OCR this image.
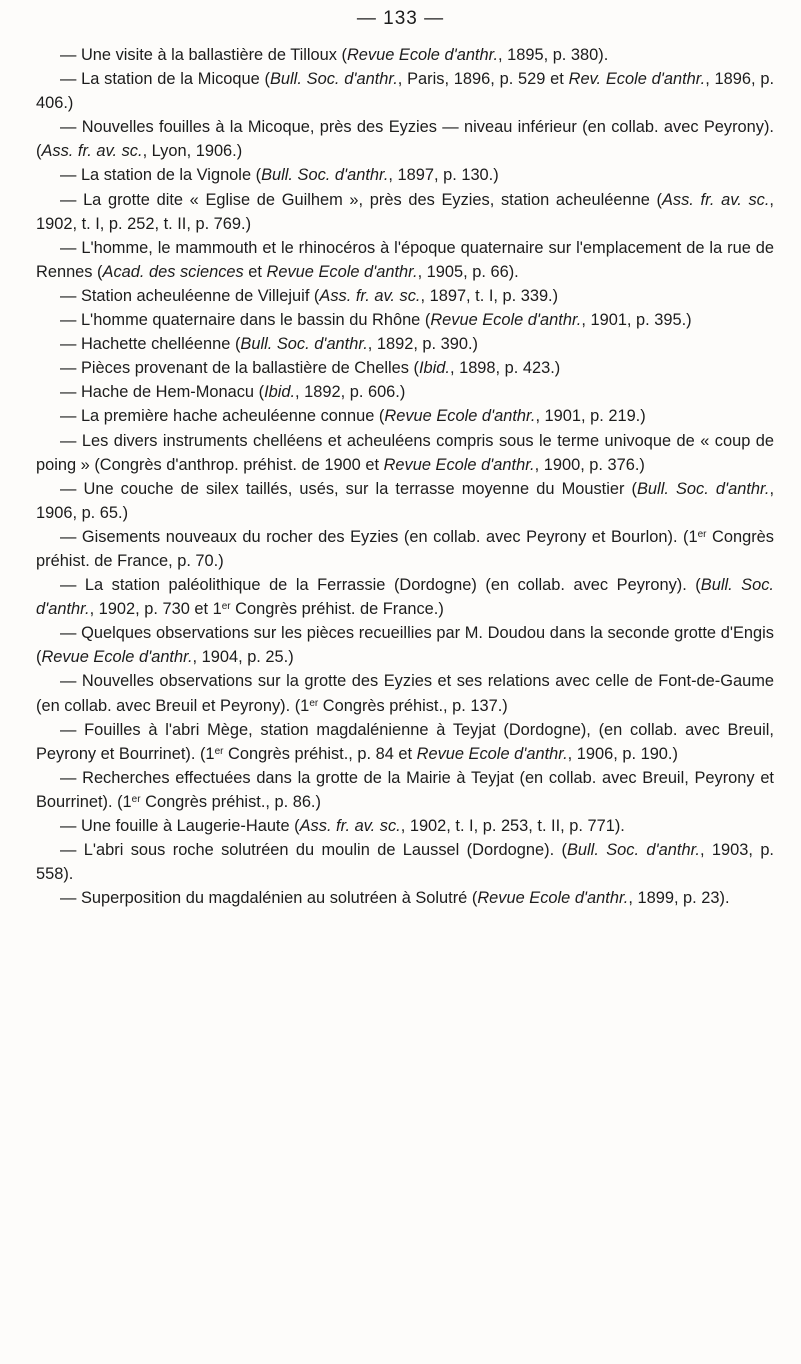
— 133 —

— Une visite à la ballastière de Tilloux (Revue Ecole d'anthr., 1895, p. 380).

— La station de la Micoque (Bull. Soc. d'anthr., Paris, 1896, p. 529 et Rev. Ecole d'anthr., 1896, p. 406.)

— Nouvelles fouilles à la Micoque, près des Eyzies — niveau inférieur (en collab. avec Peyrony). (Ass. fr. av. sc., Lyon, 1906.)

— La station de la Vignole (Bull. Soc. d'anthr., 1897, p. 130.)

— La grotte dite « Eglise de Guilhem », près des Eyzies, station acheuléenne (Ass. fr. av. sc., 1902, t. I, p. 252, t. II, p. 769.)

— L'homme, le mammouth et le rhinocéros à l'époque quaternaire sur l'emplacement de la rue de Rennes (Acad. des sciences et Revue Ecole d'anthr., 1905, p. 66).

— Station acheuléenne de Villejuif (Ass. fr. av. sc., 1897, t. I, p. 339.)

— L'homme quaternaire dans le bassin du Rhône (Revue Ecole d'anthr., 1901, p. 395.)

— Hachette chelléenne (Bull. Soc. d'anthr., 1892, p. 390.)

— Pièces provenant de la ballastière de Chelles (Ibid., 1898, p. 423.)

— Hache de Hem-Monacu (Ibid., 1892, p. 606.)

— La première hache acheuléenne connue (Revue Ecole d'anthr., 1901, p. 219.)

— Les divers instruments chelléens et acheuléens compris sous le terme univoque de « coup de poing » (Congrès d'anthrop. préhist. de 1900 et Revue Ecole d'anthr., 1900, p. 376.)

— Une couche de silex taillés, usés, sur la terrasse moyenne du Moustier (Bull. Soc. d'anthr., 1906, p. 65.)

— Gisements nouveaux du rocher des Eyzies (en collab. avec Peyrony et Bourlon). (1er Congrès préhist. de France, p. 70.)

— La station paléolithique de la Ferrassie (Dordogne) (en collab. avec Peyrony). (Bull. Soc. d'anthr., 1902, p. 730 et 1er Congrès préhist. de France.)

— Quelques observations sur les pièces recueillies par M. Doudou dans la seconde grotte d'Engis (Revue Ecole d'anthr., 1904, p. 25.)

— Nouvelles observations sur la grotte des Eyzies et ses relations avec celle de Font-de-Gaume (en collab. avec Breuil et Peyrony). (1er Congrès préhist., p. 137.)

— Fouilles à l'abri Mège, station magdalénienne à Teyjat (Dordogne), (en collab. avec Breuil, Peyrony et Bourrinet). (1er Congrès préhist., p. 84 et Revue Ecole d'anthr., 1906, p. 190.)

— Recherches effectuées dans la grotte de la Mairie à Teyjat (en collab. avec Breuil, Peyrony et Bourrinet). (1er Congrès préhist., p. 86.)

— Une fouille à Laugerie-Haute (Ass. fr. av. sc., 1902, t. I, p. 253, t. II, p. 771).

— L'abri sous roche solutréen du moulin de Laussel (Dordogne). (Bull. Soc. d'anthr., 1903, p. 558).

— Superposition du magdalénien au solutréen à Solutré (Revue Ecole d'anthr., 1899, p. 23).
